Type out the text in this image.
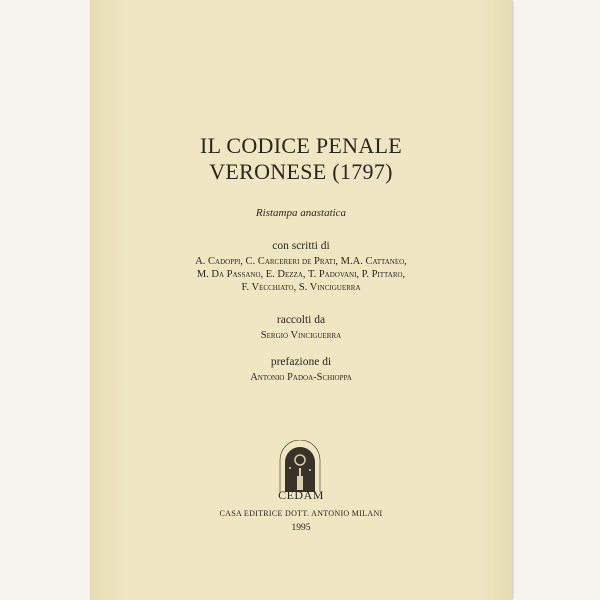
IL CODICE PENALE
VERONESE (1797)
Ristampa anastatica
con scritti di
A. Cadoppi, C. Carcereri de Prati, M.A. Cattaneo,
M. Da Passano, E. Dezza, T. Padovani, P. Pittaro,
F. Vecchiato, S. Vinciguerra
raccolti da
Sergio Vinciguerra
prefazione di
Antonio Padoa-Schioppa
CEDAM
CASA EDITRICE DOTT. ANTONIO MILANI
1995
